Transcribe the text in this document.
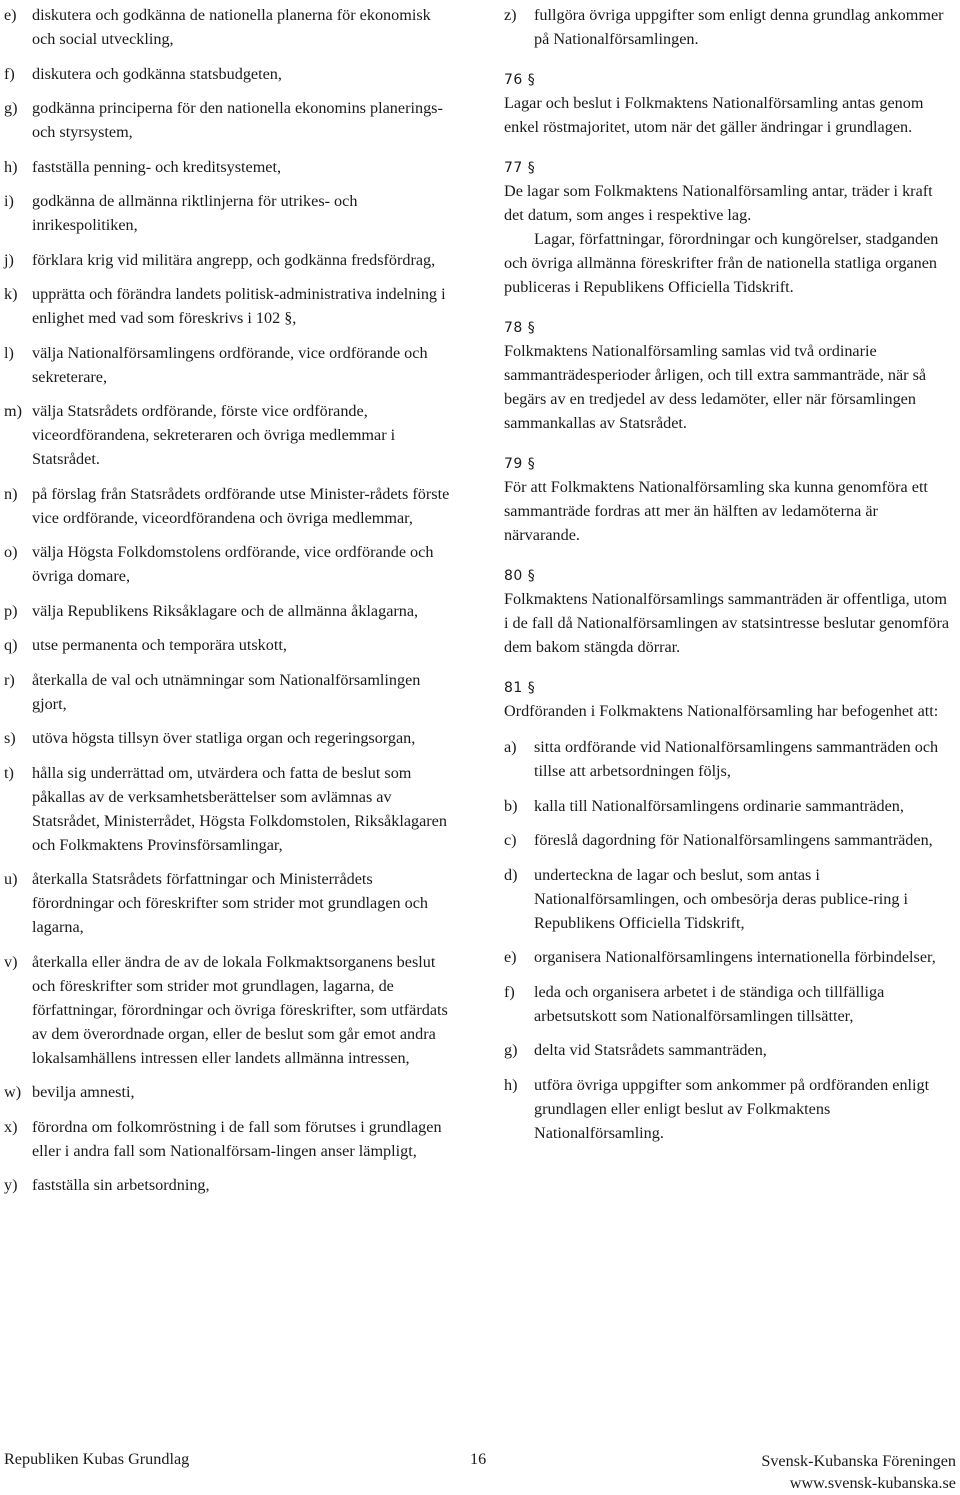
e) diskutera och godkänna de nationella planerna för ekonomisk och social utveckling,
f)	diskutera och godkänna statsbudgeten,
g) godkänna principerna för den nationella ekonomins planerings- och styrsystem,
h) fastställa penning- och kreditsystemet,
i)	godkänna de allmänna riktlinjerna för utrikes- och inrikespolitiken,
j)	förklara krig vid militära angrepp, och godkänna fredsfördrag,
k) upprätta och förändra landets politisk-administrativa indelning i enlighet med vad som föreskrivs i 102 §,
l)	välja Nationalförsamlingens ordförande, vice ordförande och sekreterare,
m) välja Statsrådets ordförande, förste vice ordförande, viceordförandena, sekreteraren och övriga medlemmar i Statsrådet.
n) på förslag från Statsrådets ordförande utse Minister-rådets förste vice ordförande, viceordförandena och övriga medlemmar,
o) välja Högsta Folkdomstolens ordförande, vice ordförande och övriga domare,
p) välja Republikens Riksåklagare och de allmänna åklagarna,
q) utse permanenta och temporära utskott,
r)	återkalla de val och utnämningar som Nationalförsamlingen gjort,
s)	utöva högsta tillsyn över statliga organ och regeringsorgan,
t)	hålla sig underrättad om, utvärdera och fatta de beslut som påkallas av de verksamhetsberättelser som avlämnas av Statsrådet, Ministerrådet, Högsta Folkdomstolen, Riksåklagaren och Folkmaktens Provinsförsamlingar,
u) återkalla Statsrådets författningar och Ministerrådets förordningar och föreskrifter som strider mot grundlagen och lagarna,
v) återkalla eller ändra de av de lokala Folkmaktsorganens beslut och föreskrifter som strider mot grundlagen, lagarna, de författningar, förordningar och övriga föreskrifter, som utfärdats av dem överordnade organ, eller de beslut som går emot andra lokalsamhällens intressen eller landets allmänna intressen,
w) bevilja amnesti,
x) förordna om folkomröstning i de fall som förutses i grundlagen eller i andra fall som Nationalförsam-lingen anser lämpligt,
y) fastställa sin arbetsordning,
z)	fullgöra övriga uppgifter som enligt denna grundlag ankommer på Nationalförsamlingen.
76 §

Lagar och beslut i Folkmaktens Nationalförsamling antas genom enkel röstmajoritet, utom när det gäller ändringar i grundlagen.

77 §

De lagar som Folkmaktens Nationalförsamling antar, träder i kraft det datum, som anges i respektive lag.

Lagar, författningar, förordningar och kungörelser, stadganden och övriga allmänna föreskrifter från de nationella statliga organen publiceras i Republikens Officiella Tidskrift.

78 §

Folkmaktens Nationalförsamling samlas vid två ordinarie sammanträdesperioder årligen, och till extra sammanträde, när så begärs av en tredjedel av dess ledamöter, eller när församlingen sammankallas av Statsrådet.

79 §

För att Folkmaktens Nationalförsamling ska kunna genomföra ett sammanträde fordras att mer än hälften av ledamöterna är närvarande.

80 §

Folkmaktens Nationalförsamlings sammanträden är offentliga, utom i de fall då Nationalförsamlingen av statsintresse beslutar genomföra dem bakom stängda dörrar.

81 §

Ordföranden i Folkmaktens Nationalförsamling har befogenhet att:

a)	sitta ordförande vid Nationalförsamlingens sammanträden och tillse att arbetsordningen följs,
b)	kalla till Nationalförsamlingens ordinarie sammanträden,
c)	föreslå dagordning för Nationalförsamlingens sammanträden,
d)	underteckna de lagar och beslut, som antas i Nationalförsamlingen, och ombesörja deras publice-ring i Republikens Officiella Tidskrift,
e)	organisera Nationalförsamlingens internationella förbindelser,
f)	leda och organisera arbetet i de ständiga och tillfälliga arbetsutskott som Nationalförsamlingen tillsätter,
g)	delta vid Statsrådets sammanträden,
h)	utföra övriga uppgifter som ankommer på ordföranden enligt grundlagen eller enligt beslut av Folkmaktens Nationalförsamling.
Republiken Kubas Grundlag	16	Svensk-Kubanska Föreningen
www.svensk-kubanska.se
